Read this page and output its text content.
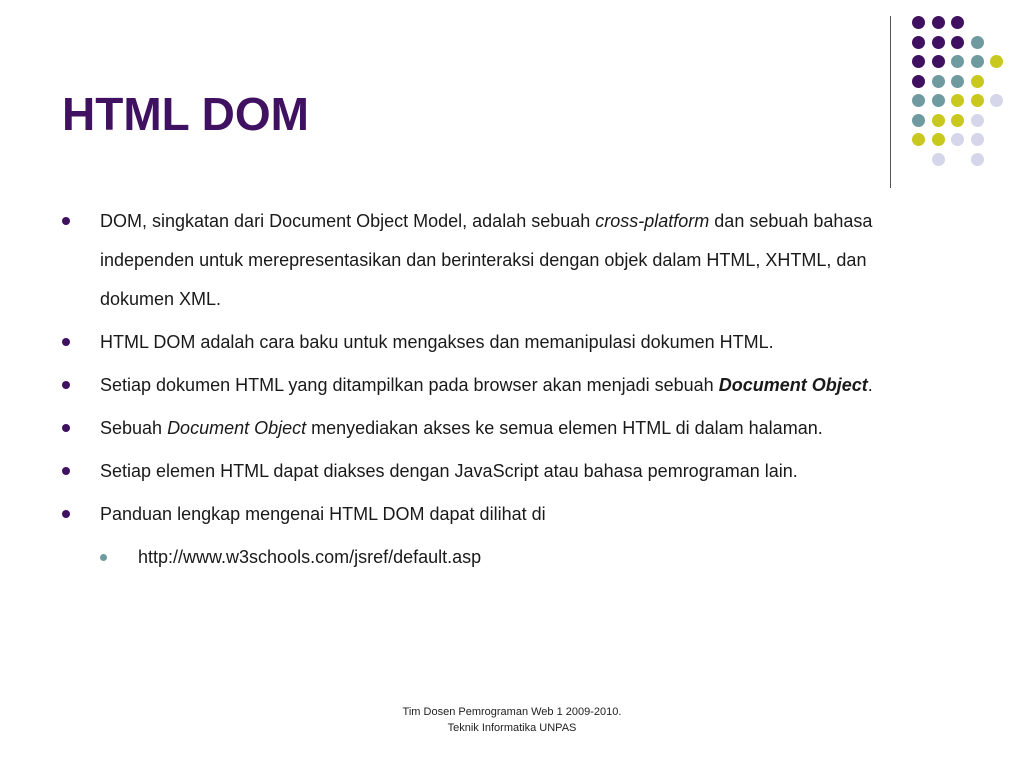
HTML DOM
DOM, singkatan dari Document Object Model, adalah sebuah cross-platform dan sebuah bahasa independen untuk merepresentasikan dan berinteraksi dengan objek dalam HTML, XHTML, dan dokumen XML.
HTML DOM adalah cara baku untuk mengakses dan memanipulasi dokumen HTML.
Setiap dokumen HTML yang ditampilkan pada browser akan menjadi sebuah Document Object.
Sebuah Document Object menyediakan akses ke semua elemen HTML di dalam halaman.
Setiap elemen HTML dapat diakses dengan JavaScript atau bahasa pemrograman lain.
Panduan lengkap mengenai HTML DOM dapat dilihat di
http://www.w3schools.com/jsref/default.asp
Tim Dosen Pemrograman Web 1 2009-2010.
Teknik Informatika UNPAS
